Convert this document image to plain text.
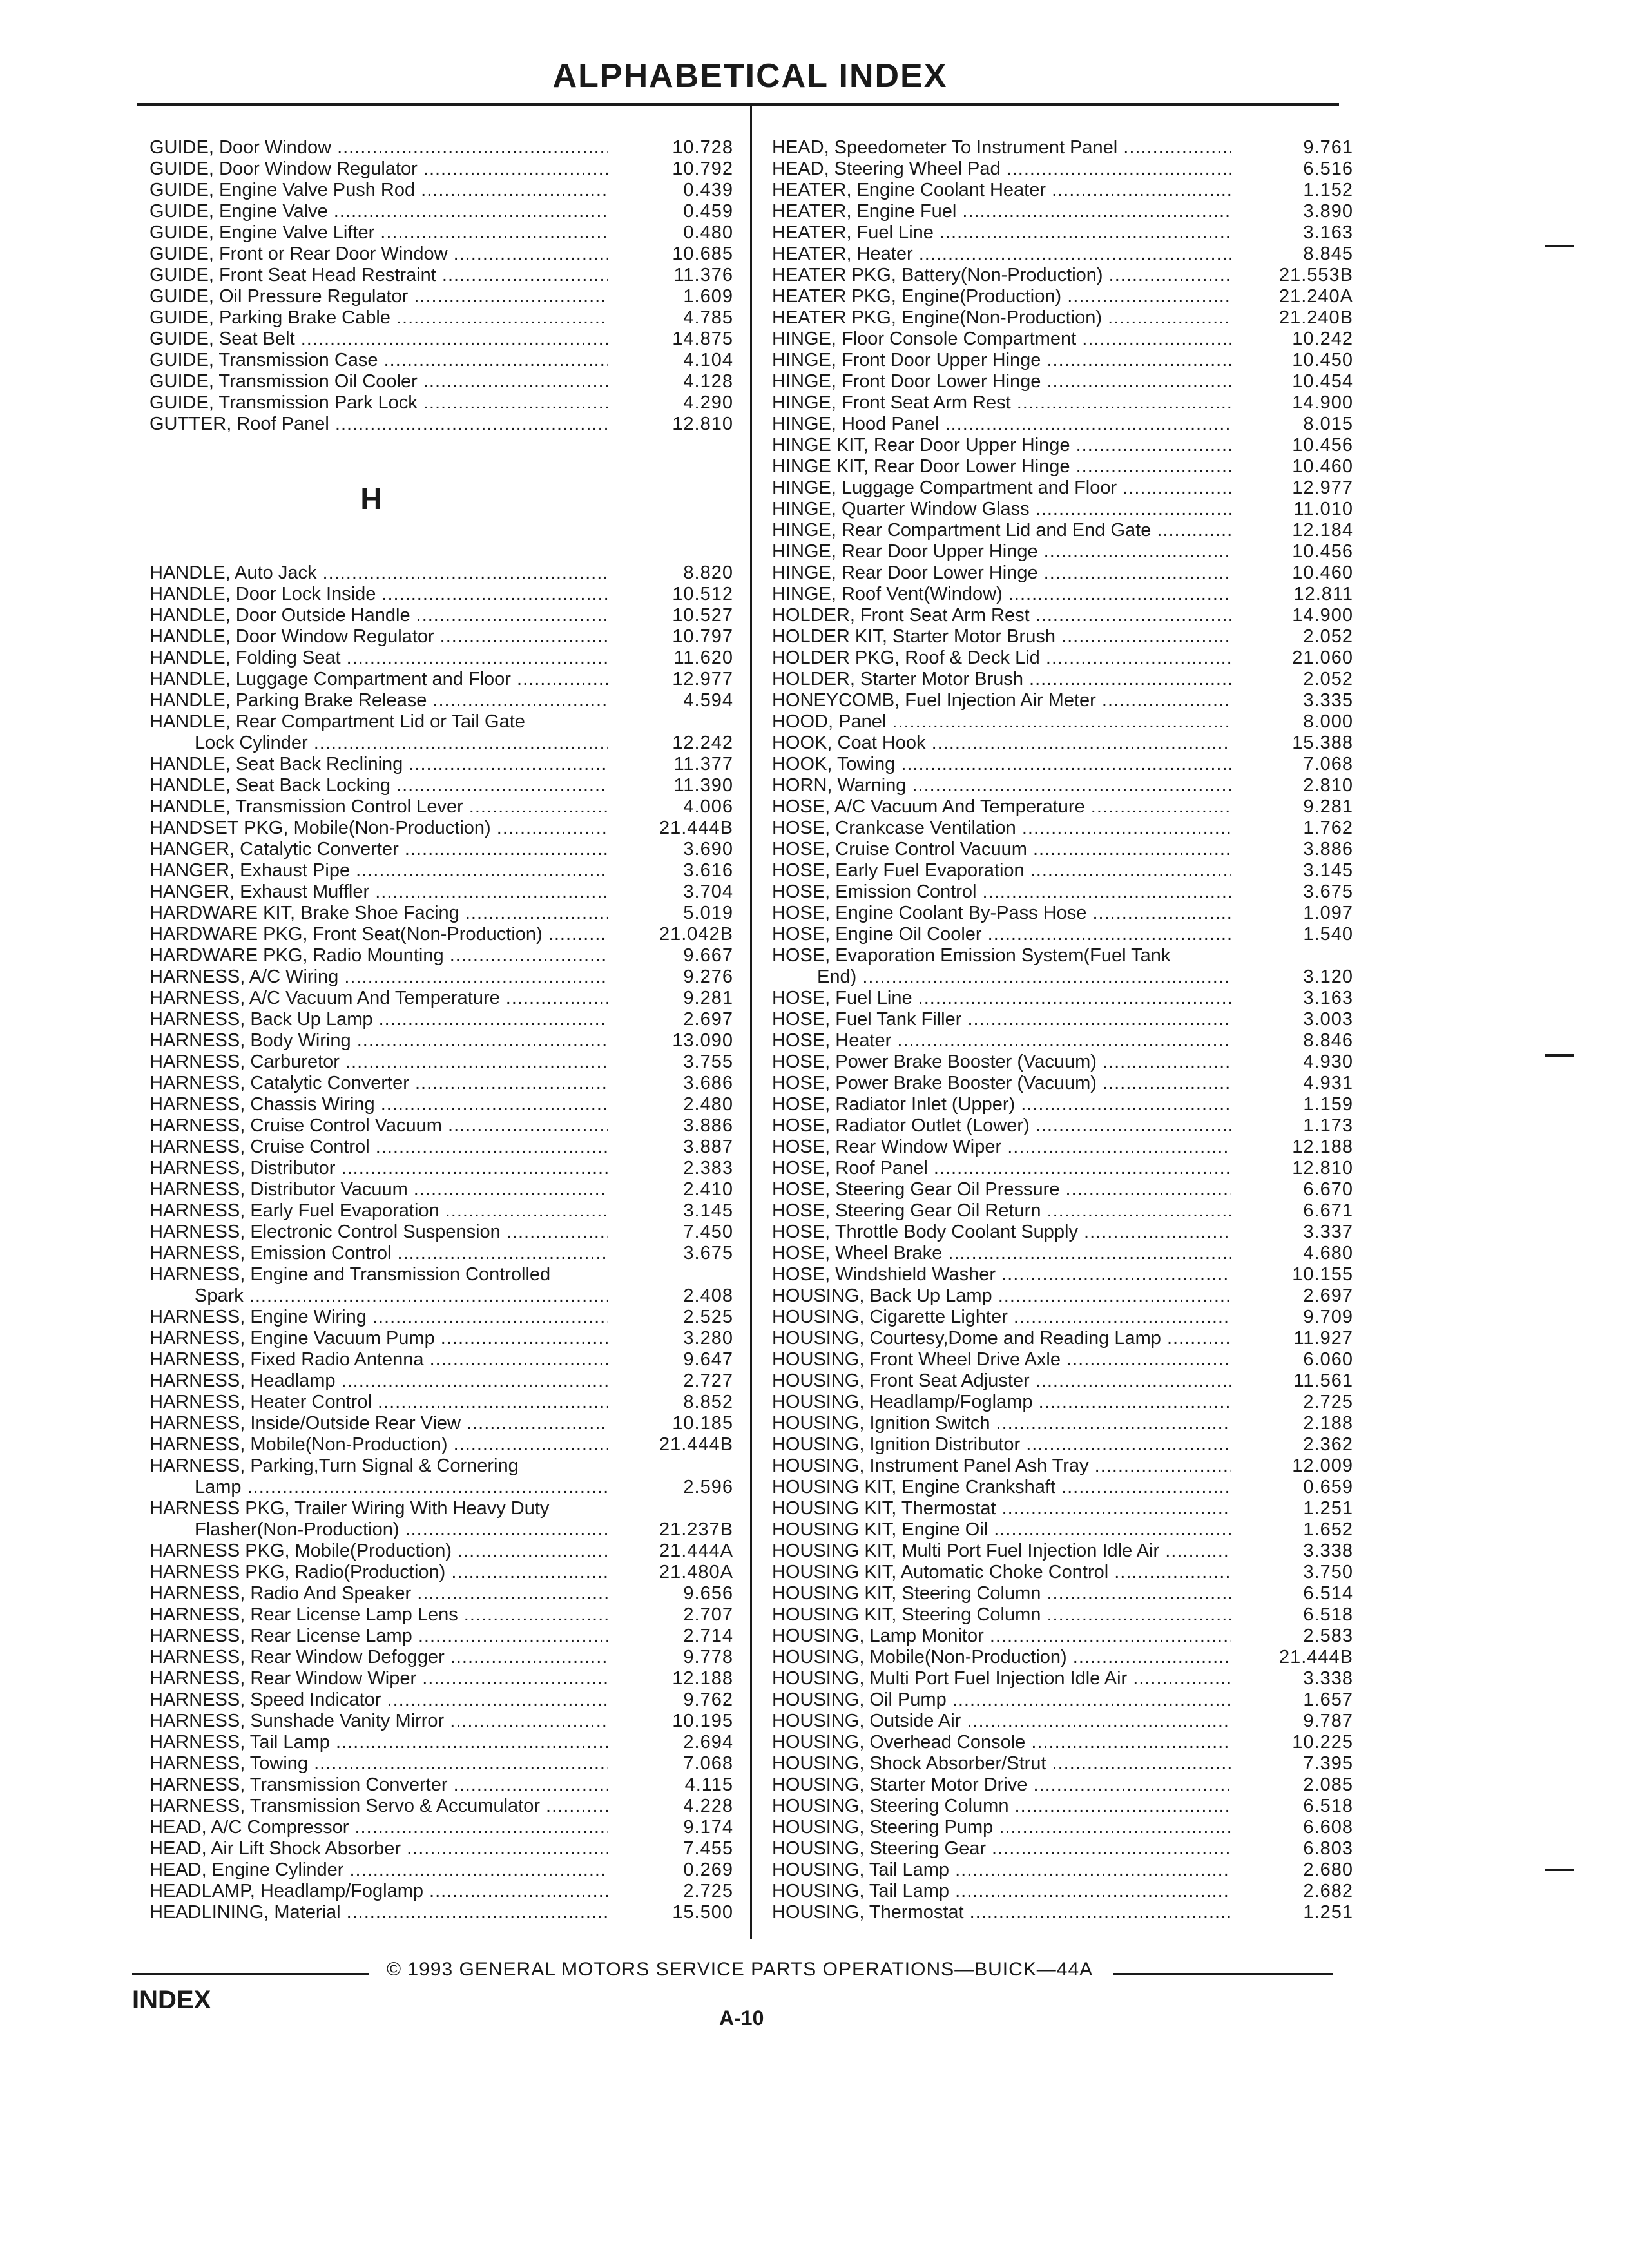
ALPHABETICAL INDEX
GUIDE, Door Window .....	10.728
GUIDE, Door Window Regulator .....	10.792
GUIDE, Engine Valve Push Rod .....	0.439
GUIDE, Engine Valve .....	0.459
GUIDE, Engine Valve Lifter .....	0.480
GUIDE, Front or Rear Door Window .....	10.685
GUIDE, Front Seat Head Restraint .....	11.376
GUIDE, Oil Pressure Regulator .....	1.609
GUIDE, Parking Brake Cable .....	4.785
GUIDE, Seat Belt .....	14.875
GUIDE, Transmission Case .....	4.104
GUIDE, Transmission Oil Cooler .....	4.128
GUIDE, Transmission Park Lock .....	4.290
GUTTER, Roof Panel .....	12.810
H
HANDLE, Auto Jack .....	8.820
HANDLE, Door Lock Inside .....	10.512
HANDLE, Door Outside Handle .....	10.527
HANDLE, Door Window Regulator .....	10.797
HANDLE, Folding Seat .....	11.620
HANDLE, Luggage Compartment and Floor .....	12.977
HANDLE, Parking Brake Release .....	4.594
HANDLE, Rear Compartment Lid or Tail Gate
Lock Cylinder .....	12.242
HANDLE, Seat Back Reclining .....	11.377
HANDLE, Seat Back Locking .....	11.390
HANDLE, Transmission Control Lever .....	4.006
HANDSET PKG, Mobile(Non-Production) .....	21.444B
HANGER, Catalytic Converter .....	3.690
HANGER, Exhaust Pipe .....	3.616
HANGER, Exhaust Muffler .....	3.704
HARDWARE KIT, Brake Shoe Facing .....	5.019
HARDWARE PKG, Front Seat(Non-Production) .....	21.042B
HARDWARE PKG, Radio Mounting .....	9.667
HARNESS, A/C Wiring .....	9.276
HARNESS, A/C Vacuum And Temperature .....	9.281
HARNESS, Back Up Lamp .....	2.697
HARNESS, Body Wiring .....	13.090
HARNESS, Carburetor .....	3.755
HARNESS, Catalytic Converter .....	3.686
HARNESS, Chassis Wiring .....	2.480
HARNESS, Cruise Control Vacuum .....	3.886
HARNESS, Cruise Control .....	3.887
HARNESS, Distributor .....	2.383
HARNESS, Distributor Vacuum .....	2.410
HARNESS, Early Fuel Evaporation .....	3.145
HARNESS, Electronic Control Suspension .....	7.450
HARNESS, Emission Control .....	3.675
HARNESS, Engine and Transmission Controlled
Spark .....	2.408
HARNESS, Engine Wiring .....	2.525
HARNESS, Engine Vacuum Pump .....	3.280
HARNESS, Fixed Radio Antenna .....	9.647
HARNESS, Headlamp .....	2.727
HARNESS, Heater Control .....	8.852
HARNESS, Inside/Outside Rear View .....	10.185
HARNESS, Mobile(Non-Production) .....	21.444B
HARNESS, Parking,Turn Signal & Cornering
Lamp .....	2.596
HARNESS PKG, Trailer Wiring With Heavy Duty
Flasher(Non-Production) .....	21.237B
HARNESS PKG, Mobile(Production) .....	21.444A
HARNESS PKG, Radio(Production) .....	21.480A
HARNESS, Radio And Speaker .....	9.656
HARNESS, Rear License Lamp Lens .....	2.707
HARNESS, Rear License Lamp .....	2.714
HARNESS, Rear Window Defogger .....	9.778
HARNESS, Rear Window Wiper .....	12.188
HARNESS, Speed Indicator .....	9.762
HARNESS, Sunshade Vanity Mirror .....	10.195
HARNESS, Tail Lamp .....	2.694
HARNESS, Towing .....	7.068
HARNESS, Transmission Converter .....	4.115
HARNESS, Transmission Servo & Accumulator .....	4.228
HEAD, A/C Compressor .....	9.174
HEAD, Air Lift Shock Absorber .....	7.455
HEAD, Engine Cylinder .....	0.269
HEADLAMP, Headlamp/Foglamp .....	2.725
HEADLINING, Material .....	15.500
HEAD, Speedometer To Instrument Panel .....	9.761
HEAD, Steering Wheel Pad .....	6.516
HEATER, Engine Coolant Heater .....	1.152
HEATER, Engine Fuel .....	3.890
HEATER, Fuel Line .....	3.163
HEATER, Heater .....	8.845
HEATER PKG, Battery(Non-Production) .....	21.553B
HEATER PKG, Engine(Production) .....	21.240A
HEATER PKG, Engine(Non-Production) .....	21.240B
HINGE, Floor Console Compartment .....	10.242
HINGE, Front Door Upper Hinge .....	10.450
HINGE, Front Door Lower Hinge .....	10.454
HINGE, Front Seat Arm Rest .....	14.900
HINGE, Hood Panel .....	8.015
HINGE KIT, Rear Door Upper Hinge .....	10.456
HINGE KIT, Rear Door Lower Hinge .....	10.460
HINGE, Luggage Compartment and Floor .....	12.977
HINGE, Quarter Window Glass .....	11.010
HINGE, Rear Compartment Lid and End Gate .....	12.184
HINGE, Rear Door Upper Hinge .....	10.456
HINGE, Rear Door Lower Hinge .....	10.460
HINGE, Roof Vent(Window) .....	12.811
HOLDER, Front Seat Arm Rest .....	14.900
HOLDER KIT, Starter Motor Brush .....	2.052
HOLDER PKG, Roof & Deck Lid .....	21.060
HOLDER, Starter Motor Brush .....	2.052
HONEYCOMB, Fuel Injection Air Meter .....	3.335
HOOD, Panel .....	8.000
HOOK, Coat Hook .....	15.388
HOOK, Towing .....	7.068
HORN, Warning .....	2.810
HOSE, A/C Vacuum And Temperature .....	9.281
HOSE, Crankcase Ventilation .....	1.762
HOSE, Cruise Control Vacuum .....	3.886
HOSE, Early Fuel Evaporation .....	3.145
HOSE, Emission Control .....	3.675
HOSE, Engine Coolant By-Pass Hose .....	1.097
HOSE, Engine Oil Cooler .....	1.540
HOSE, Evaporation Emission System(Fuel Tank
End) .....	3.120
HOSE, Fuel Line .....	3.163
HOSE, Fuel Tank Filler .....	3.003
HOSE, Heater .....	8.846
HOSE, Power Brake Booster (Vacuum) .....	4.930
HOSE, Power Brake Booster (Vacuum) .....	4.931
HOSE, Radiator Inlet (Upper) .....	1.159
HOSE, Radiator Outlet (Lower) .....	1.173
HOSE, Rear Window Wiper .....	12.188
HOSE, Roof Panel .....	12.810
HOSE, Steering Gear Oil Pressure .....	6.670
HOSE, Steering Gear Oil Return .....	6.671
HOSE, Throttle Body Coolant Supply .....	3.337
HOSE, Wheel Brake .....	4.680
HOSE, Windshield Washer .....	10.155
HOUSING, Back Up Lamp .....	2.697
HOUSING, Cigarette Lighter .....	9.709
HOUSING, Courtesy,Dome and Reading Lamp .....	11.927
HOUSING, Front Wheel Drive Axle .....	6.060
HOUSING, Front Seat Adjuster .....	11.561
HOUSING, Headlamp/Foglamp .....	2.725
HOUSING, Ignition Switch .....	2.188
HOUSING, Ignition Distributor .....	2.362
HOUSING, Instrument Panel Ash Tray .....	12.009
HOUSING KIT, Engine Crankshaft .....	0.659
HOUSING KIT, Thermostat .....	1.251
HOUSING KIT, Engine Oil .....	1.652
HOUSING KIT, Multi Port Fuel Injection Idle Air .....	3.338
HOUSING KIT, Automatic Choke Control .....	3.750
HOUSING KIT, Steering Column .....	6.514
HOUSING KIT, Steering Column .....	6.518
HOUSING, Lamp Monitor .....	2.583
HOUSING, Mobile(Non-Production) .....	21.444B
HOUSING, Multi Port Fuel Injection Idle Air .....	3.338
HOUSING, Oil Pump .....	1.657
HOUSING, Outside Air .....	9.787
HOUSING, Overhead Console .....	10.225
HOUSING, Shock Absorber/Strut .....	7.395
HOUSING, Starter Motor Drive .....	2.085
HOUSING, Steering Column .....	6.518
HOUSING, Steering Pump .....	6.608
HOUSING, Steering Gear .....	6.803
HOUSING, Tail Lamp .....	2.680
HOUSING, Tail Lamp .....	2.682
HOUSING, Thermostat .....	1.251
© 1993 GENERAL MOTORS SERVICE PARTS OPERATIONS—BUICK—44A
INDEX
A-10
